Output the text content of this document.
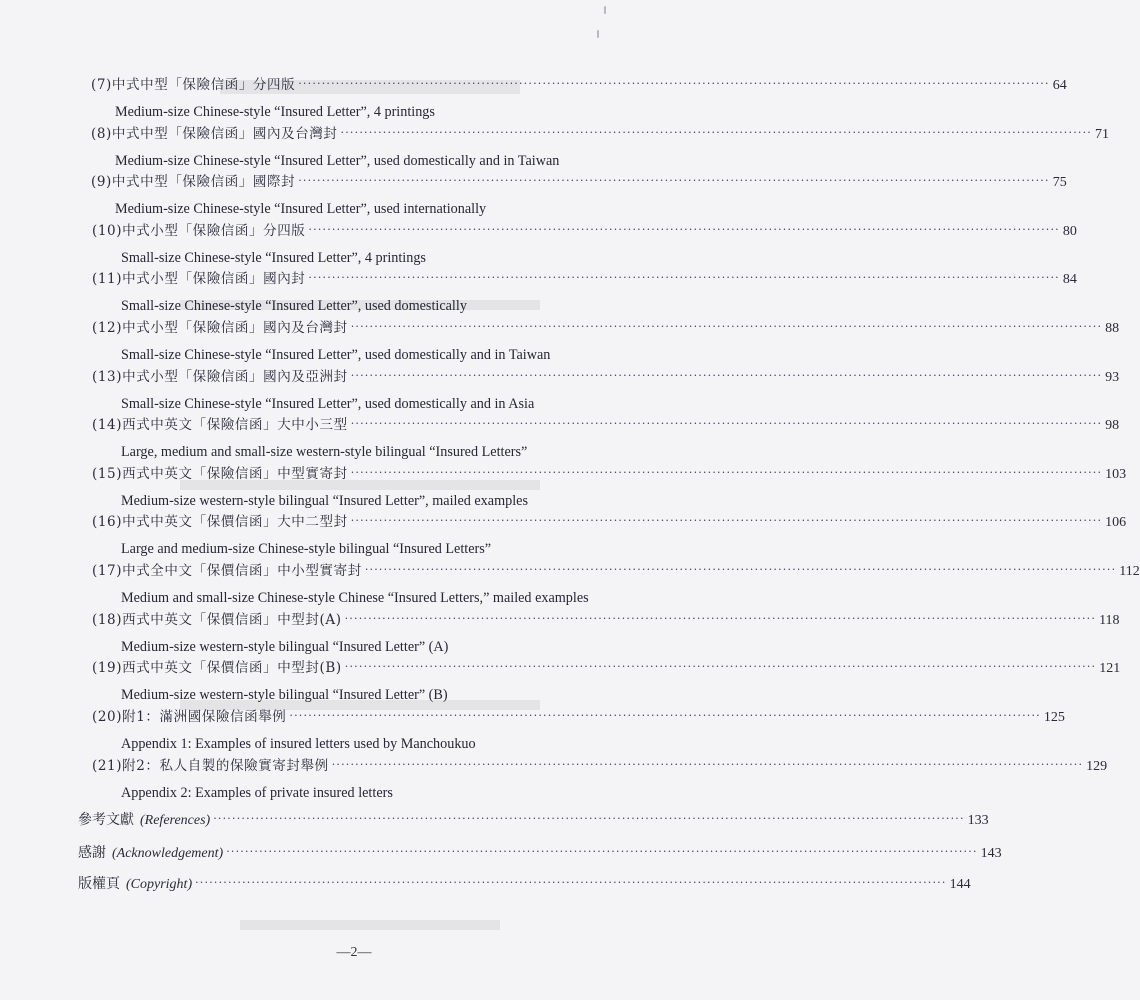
(7)中式中型「保險信函」分四版 ································································································································································ 64
Medium-size Chinese-style “Insured Letter”, 4 printings
(8)中式中型「保險信函」國內及台灣封 ································································································································································ 71
Medium-size Chinese-style “Insured Letter”, used domestically and in Taiwan
(9)中式中型「保險信函」國際封 ································································································································································ 75
Medium-size Chinese-style “Insured Letter”, used internationally
(10)中式小型「保險信函」分四版 ································································································································································ 80
Small-size Chinese-style “Insured Letter”, 4 printings
(11)中式小型「保險信函」國內封 ································································································································································ 84
Small-size Chinese-style “Insured Letter”, used domestically
(12)中式小型「保險信函」國內及台灣封 ································································································································································ 88
Small-size Chinese-style “Insured Letter”, used domestically and in Taiwan
(13)中式小型「保險信函」國內及亞洲封 ································································································································································ 93
Small-size Chinese-style “Insured Letter”, used domestically and in Asia
(14)西式中英文「保險信函」大中小三型 ································································································································································ 98
Large, medium and small-size western-style bilingual “Insured Letters”
(15)西式中英文「保險信函」中型實寄封 ································································································································································ 103
Medium-size western-style bilingual “Insured Letter”, mailed examples
(16)中式中英文「保價信函」大中二型封 ································································································································································ 106
Large and medium-size Chinese-style bilingual “Insured Letters”
(17)中式全中文「保價信函」中小型實寄封 ································································································································································ 112
Medium and small-size Chinese-style Chinese “Insured Letters,” mailed examples
(18)西式中英文「保價信函」中型封(A) ································································································································································ 118
Medium-size western-style bilingual “Insured Letter” (A)
(19)西式中英文「保價信函」中型封(B) ································································································································································ 121
Medium-size western-style bilingual “Insured Letter” (B)
(20)附1：滿洲國保險信函舉例 ································································································································································ 125
Appendix 1: Examples of insured letters used by Manchoukuo
(21)附2：私人自製的保險實寄封舉例 ································································································································································ 129
Appendix 2: Examples of private insured letters
參考文獻 (References) ································································································································································ 133
感謝 (Acknowledgement) ································································································································································ 143
版權頁 (Copyright) ································································································································································ 144
—2—
